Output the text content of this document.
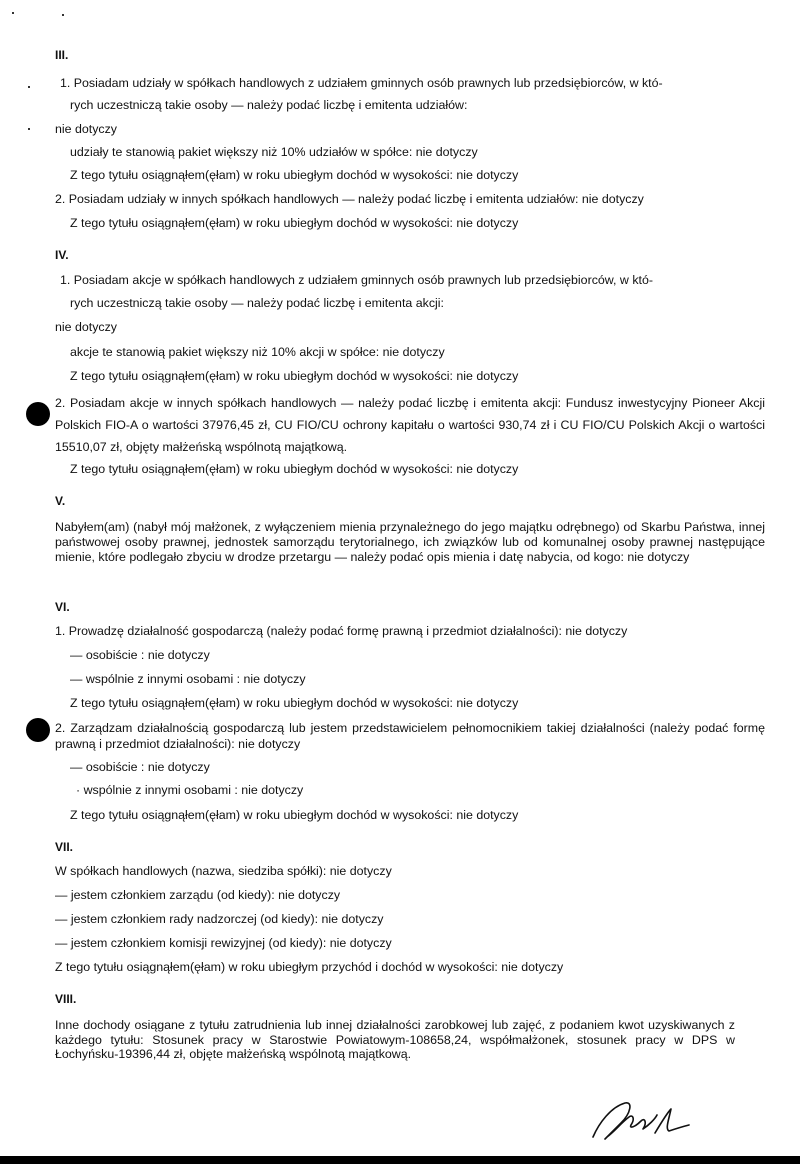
III.
1. Posiadam udziały w spółkach handlowych z udziałem gminnych osób prawnych lub przedsiębiorców, w któ-
rych uczestniczą takie osoby — należy podać liczbę i emitenta udziałów:
nie dotyczy
udziały te stanowią pakiet większy niż 10% udziałów w spółce: nie dotyczy
Z tego tytułu osiągnąłem(ęłam) w roku ubiegłym dochód w wysokości: nie dotyczy
2. Posiadam udziały w innych spółkach handlowych — należy podać liczbę i emitenta udziałów: nie dotyczy
Z tego tytułu osiągnąłem(ęłam) w roku ubiegłym dochód w wysokości: nie dotyczy
IV.
1. Posiadam akcje w spółkach handlowych z udziałem gminnych osób prawnych lub przedsiębiorców, w któ-
rych uczestniczą takie osoby — należy podać liczbę i emitenta akcji:
nie dotyczy
akcje te stanowią pakiet większy niż 10% akcji w spółce: nie dotyczy
Z tego tytułu osiągnąłem(ęłam) w roku ubiegłym dochód w wysokości: nie dotyczy
2. Posiadam akcje w innych spółkach handlowych — należy podać liczbę i emitenta akcji: Fundusz inwestycyjny Pioneer Akcji Polskich FIO-A o wartości 37976,45 zł, CU FIO/CU ochrony kapitału o wartości 930,74 zł i CU FIO/CU Polskich Akcji o wartości 15510,07 zł, objęty małżeńską wspólnotą majątkową.
Z tego tytułu osiągnąłem(ęłam) w roku ubiegłym dochód w wysokości: nie dotyczy
V.
Nabyłem(am) (nabył mój małżonek, z wyłączeniem mienia przynależnego do jego majątku odrębnego) od Skarbu Państwa, innej państwowej osoby prawnej, jednostek samorządu terytorialnego, ich związków lub od komunalnej osoby prawnej następujące mienie, które podlegało zbyciu w drodze przetargu — należy podać opis mienia i datę nabycia, od kogo: nie dotyczy
VI.
1. Prowadzę działalność gospodarczą (należy podać formę prawną i przedmiot działalności): nie dotyczy
— osobiście : nie dotyczy
— wspólnie z innymi osobami : nie dotyczy
Z tego tytułu osiągnąłem(ęłam) w roku ubiegłym dochód w wysokości: nie dotyczy
2. Zarządzam działalnością gospodarczą lub jestem przedstawicielem pełnomocnikiem takiej działalności (należy podać formę prawną i przedmiot działalności): nie dotyczy
— osobiście : nie dotyczy
· wspólnie z innymi osobami : nie dotyczy
Z tego tytułu osiągnąłem(ęłam) w roku ubiegłym dochód w wysokości: nie dotyczy
VII.
W spółkach handlowych (nazwa, siedziba spółki): nie dotyczy
— jestem członkiem zarządu (od kiedy): nie dotyczy
— jestem członkiem rady nadzorczej (od kiedy): nie dotyczy
— jestem członkiem komisji rewizyjnej (od kiedy): nie dotyczy
Z tego tytułu osiągnąłem(ęłam) w roku ubiegłym przychód i dochód w wysokości: nie dotyczy
VIII.
Inne dochody osiągane z tytułu zatrudnienia lub innej działalności zarobkowej lub zajęć, z podaniem kwot uzyskiwanych z każdego tytułu: Stosunek pracy w Starostwie Powiatowym-108658,24, współmałżonek, stosunek pracy w DPS w Łochyńsku-19396,44 zł, objęte małżeńską wspólnotą majątkową.
